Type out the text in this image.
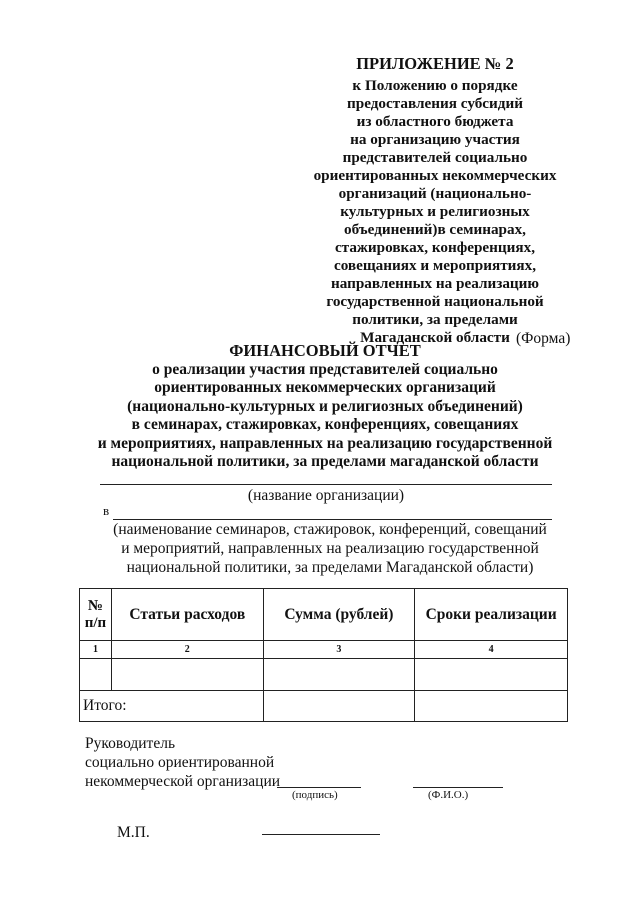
ПРИЛОЖЕНИЕ № 2
к Положению о порядке
предоставления субсидий
из областного бюджета
на организацию участия
представителей социально
ориентированных некоммерческих
организаций (национально-
культурных и религиозных
объединений)в семинарах,
стажировках, конференциях,
совещаниях и мероприятиях,
направленных на реализацию
государственной национальной
политики, за пределами
Магаданской области (Форма)
ФИНАНСОВЫЙ ОТЧЕТ
о реализации участия представителей социально
ориентированных некоммерческих организаций
(национально-культурных и религиозных объединений)
в семинарах, стажировках, конференциях, совещаниях
и мероприятиях, направленных на реализацию государственной
национальной политики, за пределами магаданской области
(название организации)
в
(наименование семинаров, стажировок, конференций, совещаний
и мероприятий, направленных на реализацию государственной
национальной политики, за пределами Магаданской области)
№
п/п	Статьи расходов	Сумма (рублей)	Сроки реализации
1	2	3	4

Итого:			
Руководитель
социально ориентированной
некоммерческой организации
(подпись)	(Ф.И.О.)
М.П.
